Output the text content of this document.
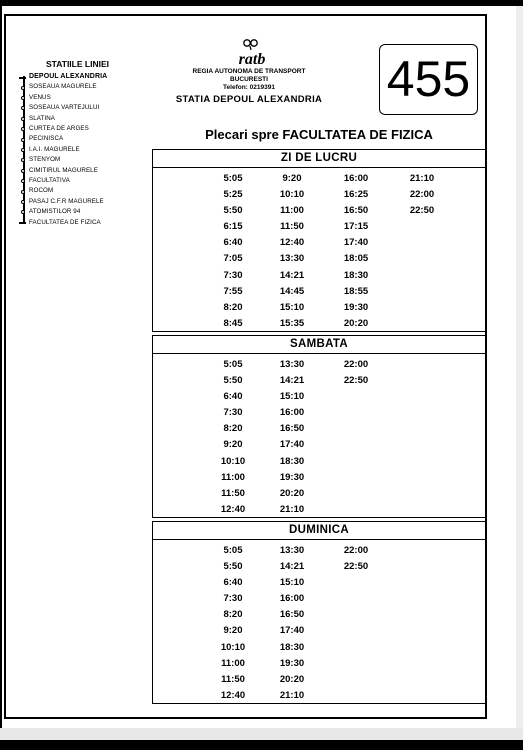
STATIILE LINIEI
DEPOUL ALEXANDRIA
SOSEAUA MAGURELE
VENUS
SOSEAUA VARTEJULUI
SLATINA
CURTEA DE ARGES
PECINISCA
I.A.I. MAGURELE
STENYOM
CIMITIRUL MAGURELE
FACULTATIVA
ROCOM
PASAJ C.F.R MAGURELE
ATOMISTILOR 94
FACULTATEA DE FIZICA
ratb
REGIA AUTONOMA DE TRANSPORT BUCURESTI
Telefon: 0219391
STATIA DEPOUL ALEXANDRIA 455
Plecari spre FACULTATEA DE FIZICA
ZI DE LUCRU
5:05
5:25
5:50
6:15
6:40
7:05
7:30
7:55
8:20
8:45
9:20
10:10
11:00
11:50
12:40
13:30
14:21
14:45
15:10
15:35
16:00
16:25
16:50
17:15
17:40
18:05
18:30
18:55
19:30
20:20
21:10
22:00
22:50
SAMBATA
5:05
5:50
6:40
7:30
8:20
9:20
10:10
11:00
11:50
12:40
13:30
14:21
15:10
16:00
16:50
17:40
18:30
19:30
20:20
21:10
22:00
22:50
DUMINICA
5:05
5:50
6:40
7:30
8:20
9:20
10:10
11:00
11:50
12:40
13:30
14:21
15:10
16:00
16:50
17:40
18:30
19:30
20:20
21:10
22:00
22:50
